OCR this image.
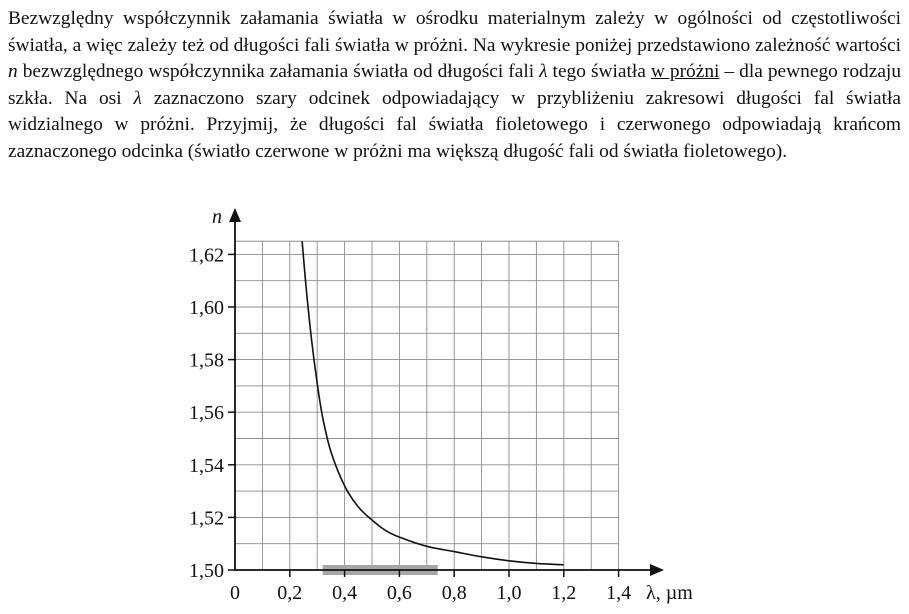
Bezwzględny współczynnik załamania światła w ośrodku materialnym zależy w ogólności od częstotliwości światła, a więc zależy też od długości fali światła w próżni. Na wykresie poniżej przedstawiono zależność wartości n bezwzględnego współczynnika załamania światła od długości fali λ tego światła w próżni – dla pewnego rodzaju szkła. Na osi λ zaznaczono szary odcinek odpowiadający w przybliżeniu zakresowi długości fal światła widzialnego w próżni. Przyjmij, że długości fal światła fioletowego i czerwonego odpowiadają krańcom zaznaczonego odcinka (światło czerwone w próżni ma większą długość fali od światła fioletowego).
1,50
1,52
1,54
1,56
1,58
1,60
1,62
0 0,2 0,4 0,6 0,8 1,0 1,2 1,4
n
λ, µm
